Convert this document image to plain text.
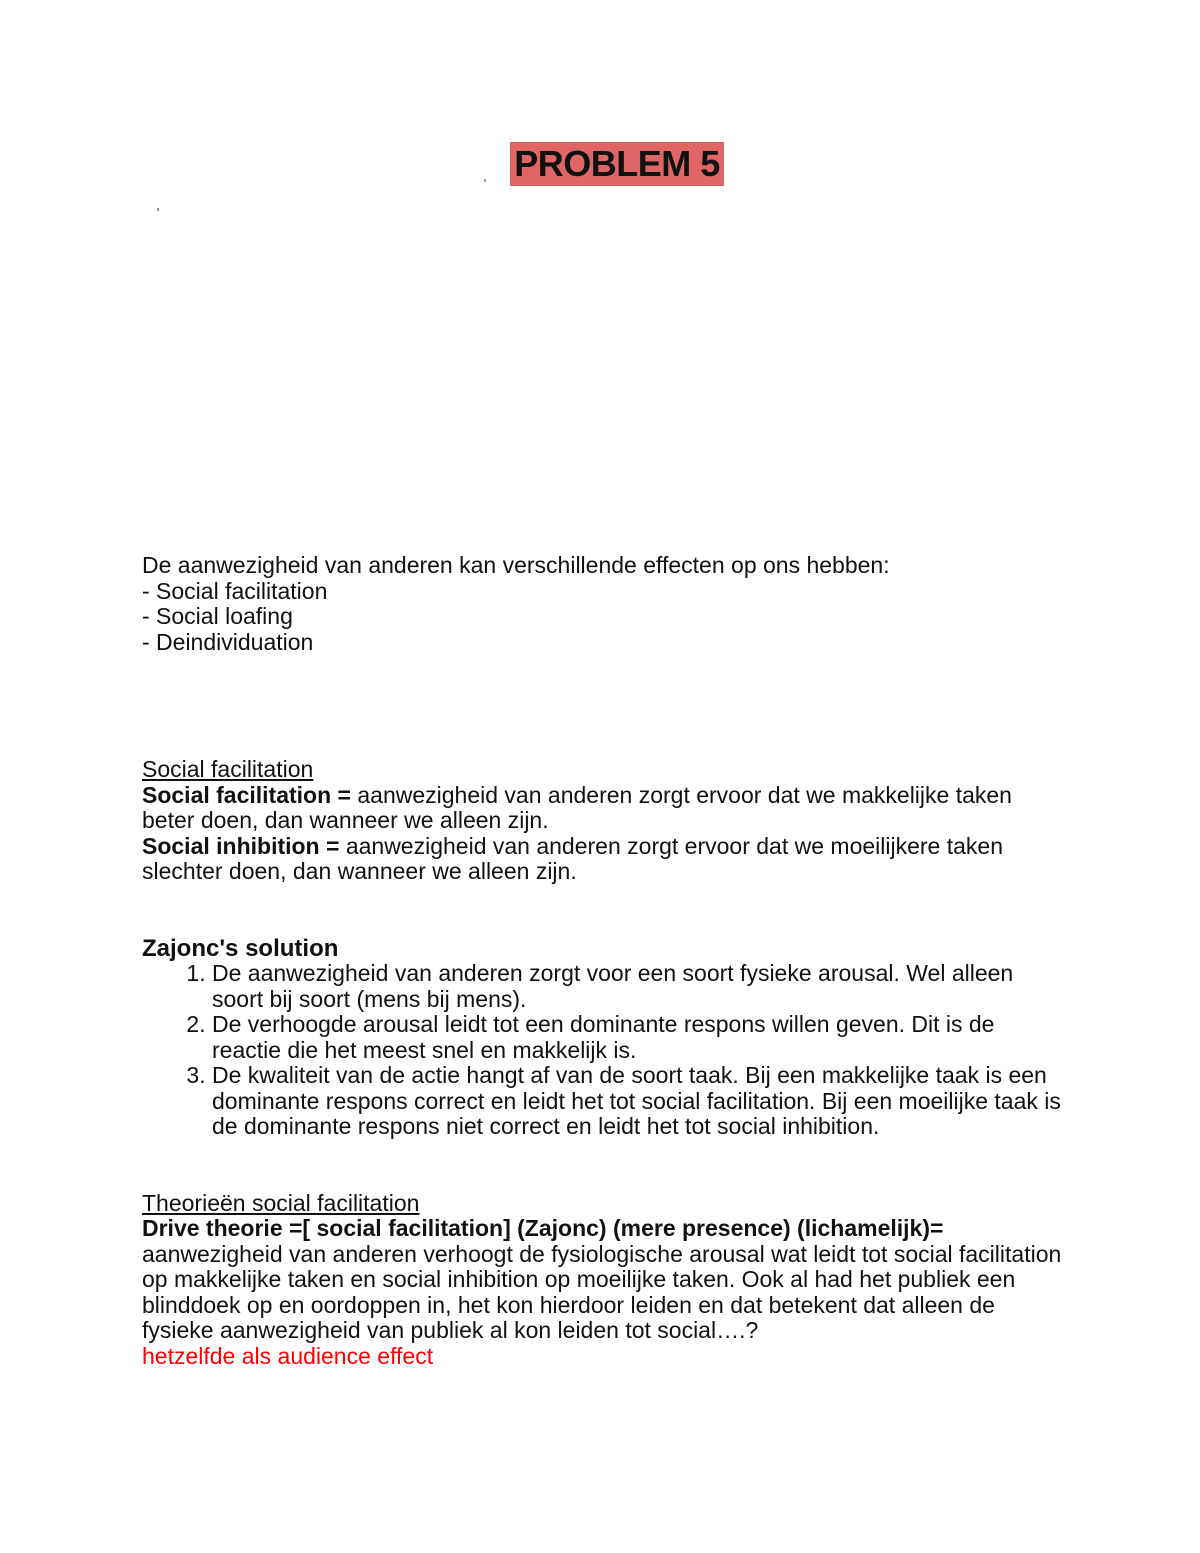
PROBLEM 5

De aanwezigheid van anderen kan verschillende effecten op ons hebben:

- Social facilitation

- Social loafing

- Deindividuation

Social facilitation

Social facilitation = aanwezigheid van anderen zorgt ervoor dat we makkelijke taken beter doen, dan wanneer we alleen zijn.

Social inhibition = aanwezigheid van anderen zorgt ervoor dat we moeilijkere taken slechter doen, dan wanneer we alleen zijn.

Zajonc's solution

1. De aanwezigheid van anderen zorgt voor een soort fysieke arousal. Wel alleen soort bij soort (mens bij mens).
2. De verhoogde arousal leidt tot een dominante respons willen geven. Dit is de reactie die het meest snel en makkelijk is.
3. De kwaliteit van de actie hangt af van de soort taak. Bij een makkelijke taak is een dominante respons correct en leidt het tot social facilitation. Bij een moeilijke taak is de dominante respons niet correct en leidt het tot social inhibition.

Theorieën social facilitation

Drive theorie =[ social facilitation] (Zajonc) (mere presence) (lichamelijk)=

aanwezigheid van anderen verhoogt de fysiologische arousal wat leidt tot social facilitation op makkelijke taken en social inhibition op moeilijke taken. Ook al had het publiek een blinddoek op en oordoppen in, het kon hierdoor leiden en dat betekent dat alleen de fysieke aanwezigheid van publiek al kon leiden tot social….?

hetzelfde als audience effect
